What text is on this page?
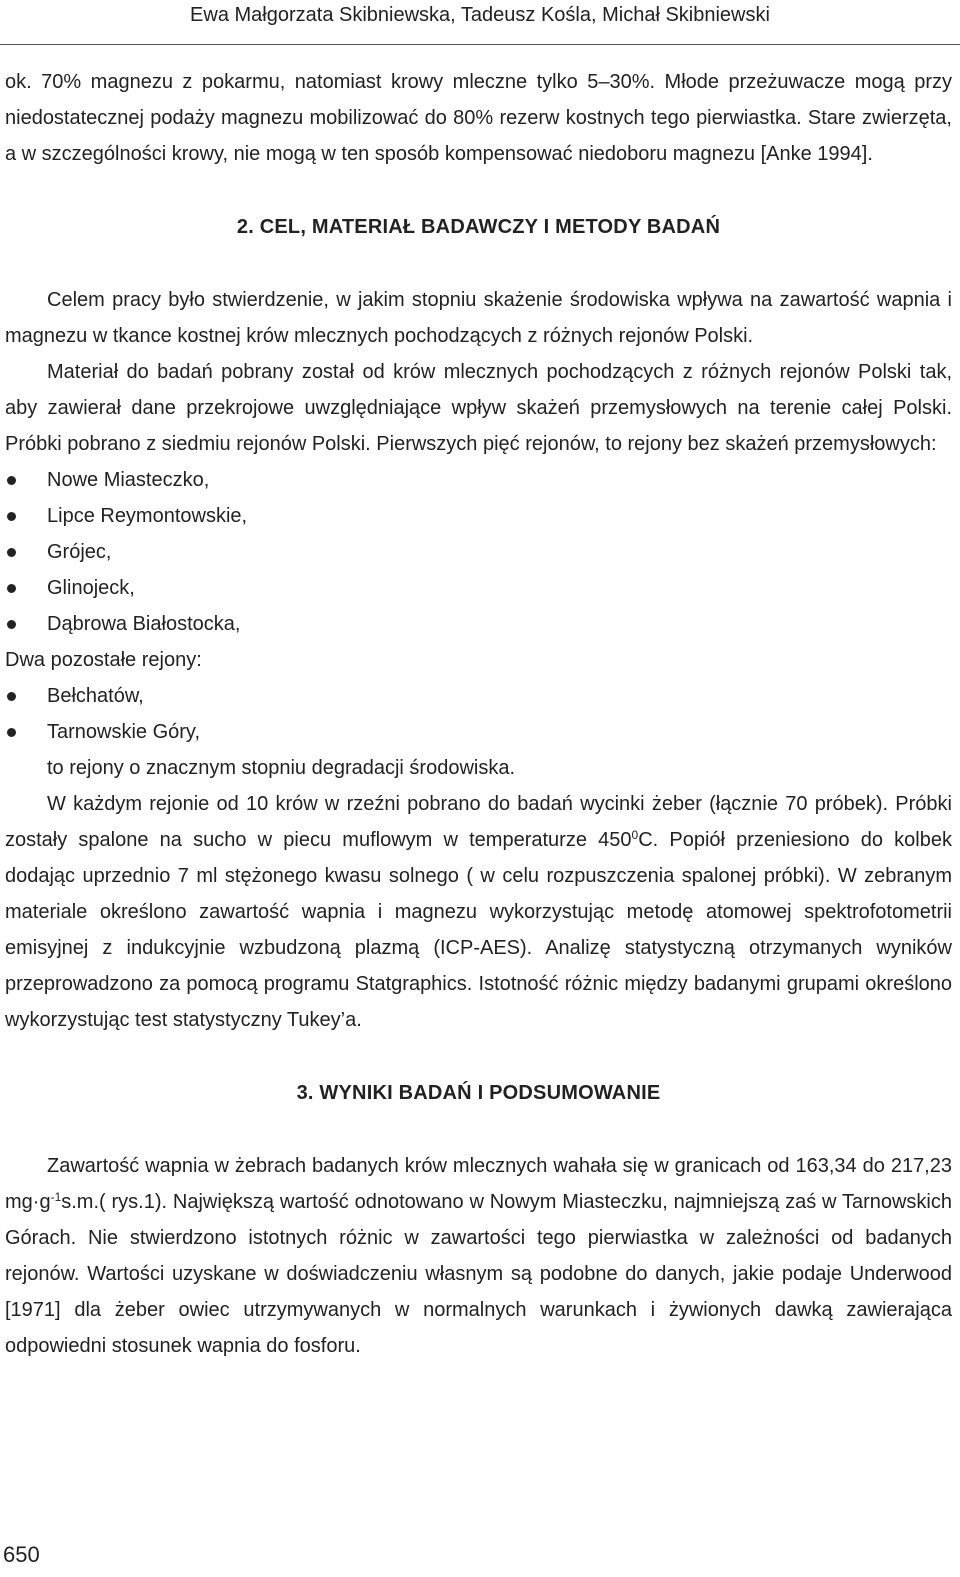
Ewa Małgorzata Skibniewska, Tadeusz Kośla, Michał Skibniewski

ok. 70% magnezu z pokarmu, natomiast krowy mleczne tylko 5–30%. Młode przeżuwacze mogą przy niedostatecznej podaży magnezu mobilizować do 80% rezerw kostnych tego pierwiastka. Stare zwierzęta, a w szczególności krowy, nie mogą w ten sposób kompensować niedoboru magnezu [Anke 1994].

2. CEL, MATERIAŁ BADAWCZY I METODY BADAŃ

Celem pracy było stwierdzenie, w jakim stopniu skażenie środowiska wpływa na zawartość wapnia i magnezu w tkance kostnej krów mlecznych pochodzących z różnych rejonów Polski.

Materiał do badań pobrany został od krów mlecznych pochodzących z różnych rejonów Polski tak, aby zawierał dane przekrojowe uwzględniające wpływ skażeń przemysłowych na terenie całej Polski. Próbki pobrano z siedmiu rejonów Polski. Pierwszych pięć rejonów, to rejony bez skażeń przemysłowych:

Nowe Miasteczko,
Lipce Reymontowskie,
Grójec,
Glinojeck,
Dąbrowa Białostocka,

Dwa pozostałe rejony:

Bełchatów,
Tarnowskie Góry,

to rejony o znacznym stopniu degradacji środowiska.

W każdym rejonie od 10 krów w rzeźni pobrano do badań wycinki żeber (łącznie 70 próbek). Próbki zostały spalone na sucho w piecu muflowym w temperaturze $450^0C$. Popiół przeniesiono do kolbek dodając uprzednio 7 ml stężonego kwasu solnego ( w celu rozpuszczenia spalonej próbki). W zebranym materiale określono zawartość wapnia i magnezu wykorzystując metodę atomowej spektrofotometrii emisyjnej z indukcyjnie wzbudzoną plazmą (ICP-AES). Analizę statystyczną otrzymanych wyników przeprowadzono za pomocą programu Statgraphics. Istotność różnic między badanymi grupami określono wykorzystując test statystyczny Tukey’a.

3. WYNIKI BADAŃ I PODSUMOWANIE

Zawartość wapnia w żebrach badanych krów mlecznych wahała się w granicach od 163,34 do 217,23 $mg\cdot g^{-1}s.m$.( rys.1). Największą wartość odnotowano w Nowym Miasteczku, najmniejszą zaś w Tarnowskich Górach. Nie stwierdzono istotnych różnic w zawartości tego pierwiastka w zależności od badanych rejonów. Wartości uzyskane w doświadczeniu własnym są podobne do danych, jakie podaje Underwood [1971] dla żeber owiec utrzymywanych w normalnych warunkach i żywionych dawką zawierająca odpowiedni stosunek wapnia do fosforu.

650
